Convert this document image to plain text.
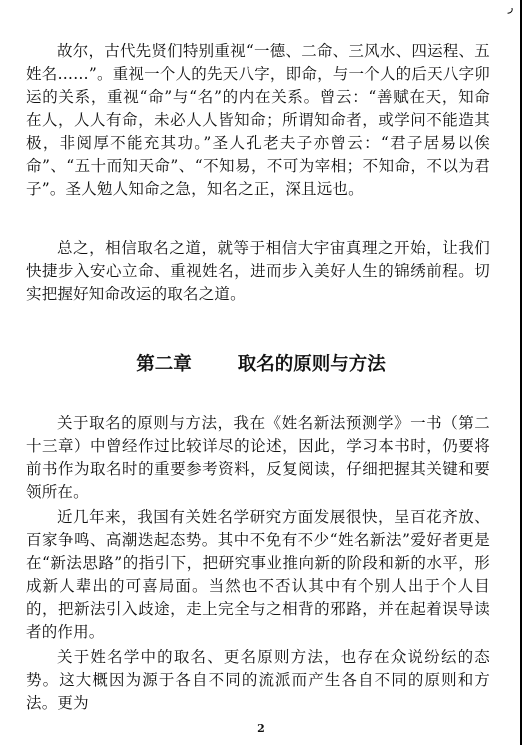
ر

故尔，古代先贤们特别重视“一德、二命、三风水、四运程、五姓名……”。重视一个人的先天八字，即命，与一个人的后天八字卯运的关系，重视“命”与“名”的内在关系。曾云：“善赋在天，知命在人，人人有命，未必人人皆知命；所谓知命者，或学问不能造其极，非阅厚不能充其功。”圣人孔老夫子亦曾云：“君子居易以俟命”、“五十而知天命”、“不知易，不可为宰相；不知命，不以为君子”。圣人勉人知命之急，知名之正，深且远也。

总之，相信取名之道，就等于相信大宇宙真理之开始，让我们快捷步入安心立命、重视姓名，进而步入美好人生的锦绣前程。切实把握好知命改运的取名之道。

第二章 取名的原则与方法

关于取名的原则与方法，我在《姓名新法预测学》一书（第二十三章）中曾经作过比较详尽的论述，因此，学习本书时，仍要将前书作为取名时的重要参考资料，反复阅读，仔细把握其关键和要领所在。

近几年来，我国有关姓名学研究方面发展很快，呈百花齐放、百家争鸣、高潮迭起态势。其中不免有不少“姓名新法”爱好者更是在“新法思路”的指引下，把研究事业推向新的阶段和新的水平，形成新人辈出的可喜局面。当然也不否认其中有个别人出于个人目的，把新法引入歧途，走上完全与之相背的邪路，并在起着误导读者的作用。

关于姓名学中的取名、更名原则方法，也存在众说纷纭的态势。这大概因为源于各自不同的流派而产生各自不同的原则和方法。更为

2
